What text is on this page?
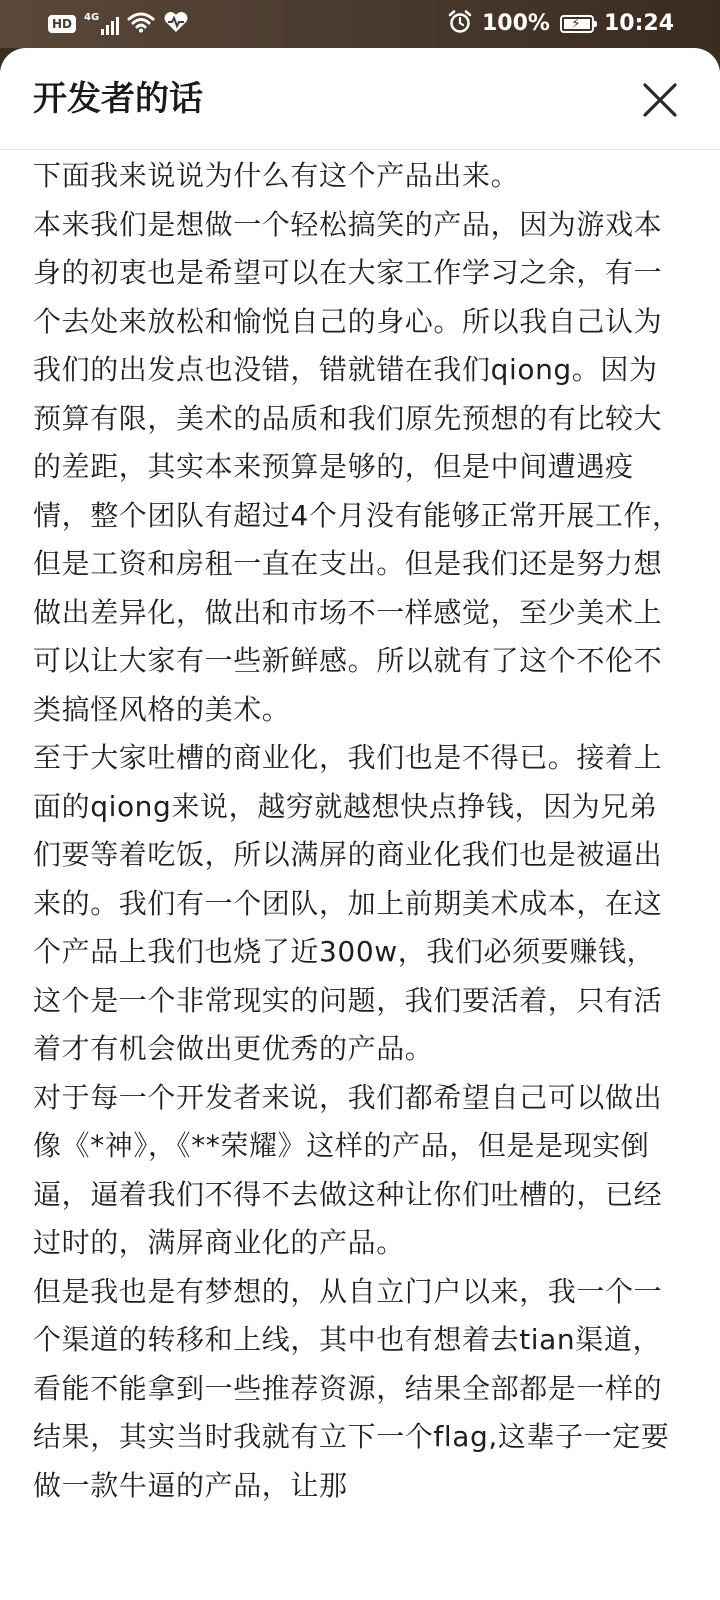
HD	4G	100% ⚡ 10:24
开发者的话

下面我来说说为什么有这个产品出来。

本来我们是想做一个轻松搞笑的产品，因为游戏本身的初衷也是希望可以在大家工作学习之余，有一个去处来放松和愉悦自己的身心。所以我自己认为我们的出发点也没错，错就错在我们qiong。因为预算有限，美术的品质和我们原先预想的有比较大的差距，其实本来预算是够的，但是中间遭遇疫情，整个团队有超过4个月没有能够正常开展工作，但是工资和房租一直在支出。但是我们还是努力想做出差异化，做出和市场不一样感觉，至少美术上可以让大家有一些新鲜感。所以就有了这个不伦不类搞怪风格的美术。

至于大家吐槽的商业化，我们也是不得已。接着上面的qiong来说，越穷就越想快点挣钱，因为兄弟们要等着吃饭，所以满屏的商业化我们也是被逼出来的。我们有一个团队，加上前期美术成本，在这个产品上我们也烧了近300w，我们必须要赚钱，这个是一个非常现实的问题，我们要活着，只有活着才有机会做出更优秀的产品。

对于每一个开发者来说，我们都希望自己可以做出像《*神》，《**荣耀》这样的产品，但是是现实倒逼，逼着我们不得不去做这种让你们吐槽的，已经过时的，满屏商业化的产品。

但是我也是有梦想的，从自立门户以来，我一个一个渠道的转移和上线，其中也有想着去tian渠道，看能不能拿到一些推荐资源，结果全部都是一样的结果，其实当时我就有立下一个flag,这辈子一定要做一款牛逼的产品，让那
